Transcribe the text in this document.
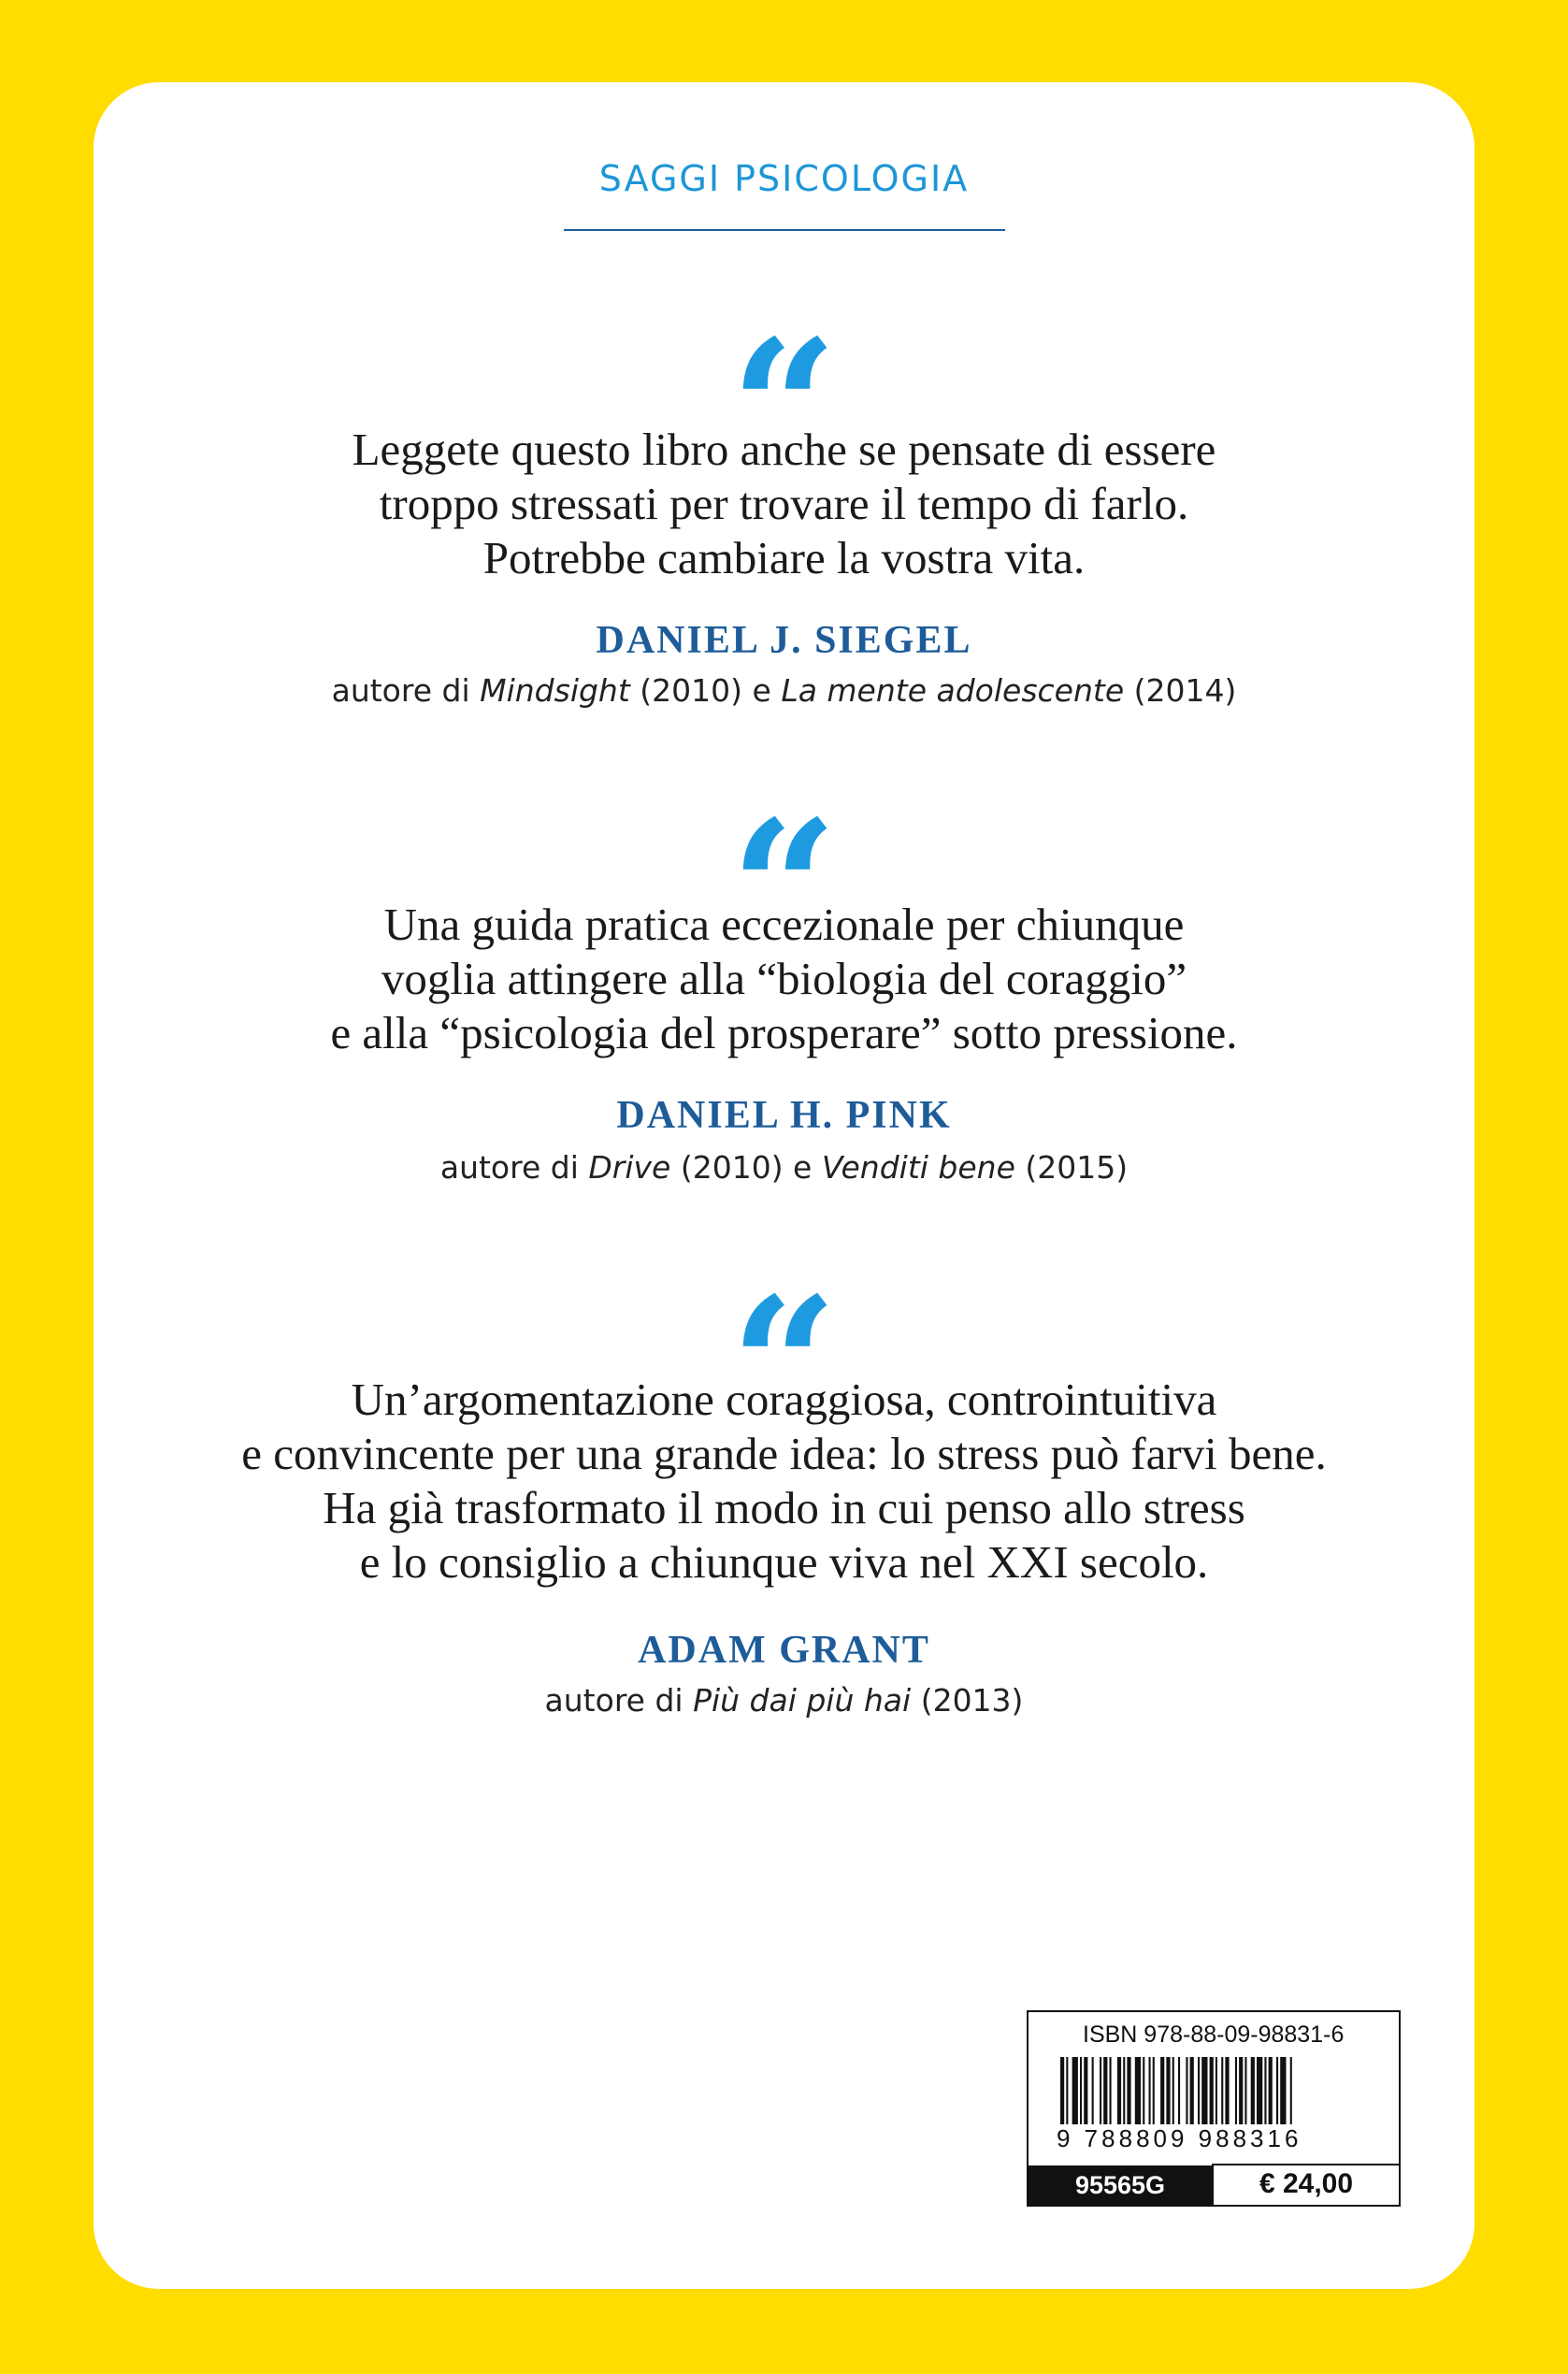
SAGGI PSICOLOGIA
“
Leggete questo libro anche se pensate di essere
troppo stressati per trovare il tempo di farlo.
Potrebbe cambiare la vostra vita.
DANIEL J. SIEGEL
autore di Mindsight (2010) e La mente adolescente (2014)
“
Una guida pratica eccezionale per chiunque
voglia attingere alla “biologia del coraggio”
e alla “psicologia del prosperare” sotto pressione.
DANIEL H. PINK
autore di Drive (2010) e Venditi bene (2015)
“
Un’argomentazione coraggiosa, controintuitiva
e convincente per una grande idea: lo stress può farvi bene.
Ha già trasformato il modo in cui penso allo stress
e lo consiglio a chiunque viva nel XXI secolo.
ADAM GRANT
autore di Più dai più hai (2013)
ISBN 978-88-09-98831-6
9 788809 988316
95565G	€ 24,00
